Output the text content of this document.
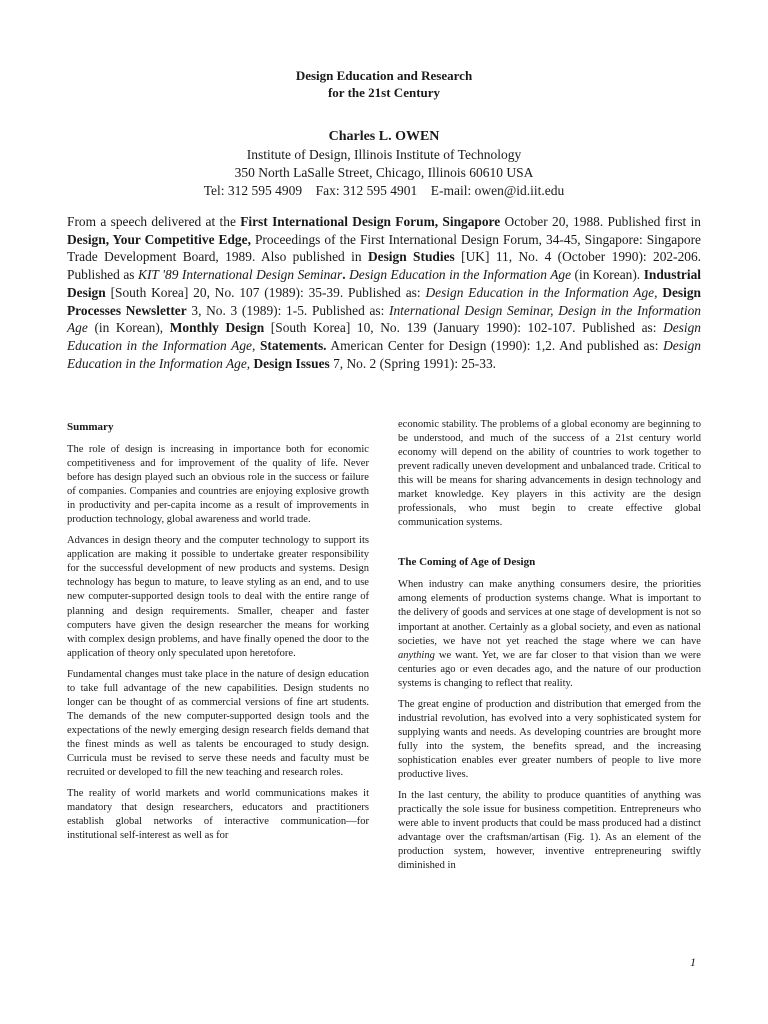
Design Education and Research
for the 21st Century
Charles L. OWEN
Institute of Design, Illinois Institute of Technology
350 North LaSalle Street, Chicago, Illinois 60610 USA
Tel: 312 595 4909    Fax: 312 595 4901    E-mail: owen@id.iit.edu
From a speech delivered at the First International Design Forum, Singapore October 20, 1988. Published first in Design, Your Competitive Edge, Proceedings of the First International Design Forum, 34-45, Singapore: Singapore Trade Development Board, 1989. Also published in Design Studies [UK] 11, No. 4 (October 1990): 202-206. Published as KIT '89 International Design Seminar. Design Education in the Information Age (in Korean). Industrial Design [South Korea] 20, No. 107 (1989): 35-39. Published as: Design Education in the Information Age, Design Processes Newsletter 3, No. 3 (1989): 1-5. Published as: International Design Seminar, Design in the Information Age (in Korean), Monthly Design [South Korea] 10, No. 139 (January 1990): 102-107. Published as: Design Education in the Information Age, Statements. American Center for Design (1990): 1,2. And published as: Design Education in the Information Age, Design Issues 7, No. 2 (Spring 1991): 25-33.
Summary

The role of design is increasing in importance both for economic competitiveness and for improvement of the quality of life. Never before has design played such an obvious role in the success or failure of companies. Companies and countries are enjoying explosive growth in productivity and per-capita income as a result of improvements in production technology, global awareness and world trade.

Advances in design theory and the computer technology to support its application are making it possible to undertake greater responsibility for the successful development of new products and systems. Design technology has begun to mature, to leave styling as an end, and to use new computer-supported design tools to deal with the entire range of planning and design requirements. Smaller, cheaper and faster computers have given the design researcher the means for working with complex design problems, and have finally opened the door to the application of theory only speculated upon heretofore.

Fundamental changes must take place in the nature of design education to take full advantage of the new capabilities. Design students no longer can be thought of as commercial versions of fine art students. The demands of the new computer-supported design tools and the expectations of the newly emerging design research fields demand that the finest minds as well as talents be encouraged to study design. Curricula must be revised to serve these needs and faculty must be recruited or developed to fill the new teaching and research roles.

The reality of world markets and world communications makes it mandatory that design researchers, educators and practitioners establish global networks of interactive communication—for institutional self-interest as well as for

economic stability. The problems of a global economy are beginning to be understood, and much of the success of a 21st century world economy will depend on the ability of countries to work together to prevent radically uneven development and unbalanced trade. Critical to this will be means for sharing advancements in design technology and market knowledge. Key players in this activity are the design professionals, who must begin to create effective global communication systems.

The Coming of Age of Design

When industry can make anything consumers desire, the priorities among elements of production systems change. What is important to the delivery of goods and services at one stage of development is not so important at another. Certainly as a global society, and even as national societies, we have not yet reached the stage where we can have anything we want. Yet, we are far closer to that vision than we were centuries ago or even decades ago, and the nature of our production systems is changing to reflect that reality.

The great engine of production and distribution that emerged from the industrial revolution, has evolved into a very sophisticated system for supplying wants and needs. As developing countries are brought more fully into the system, the benefits spread, and the increasing sophistication enables ever greater numbers of people to live more productive lives.

In the last century, the ability to produce quantities of anything was practically the sole issue for business competition. Entrepreneurs who were able to invent products that could be mass produced had a distinct advantage over the craftsman/artisan (Fig. 1). As an element of the production system, however, inventive entrepreneuring swiftly diminished in

1
